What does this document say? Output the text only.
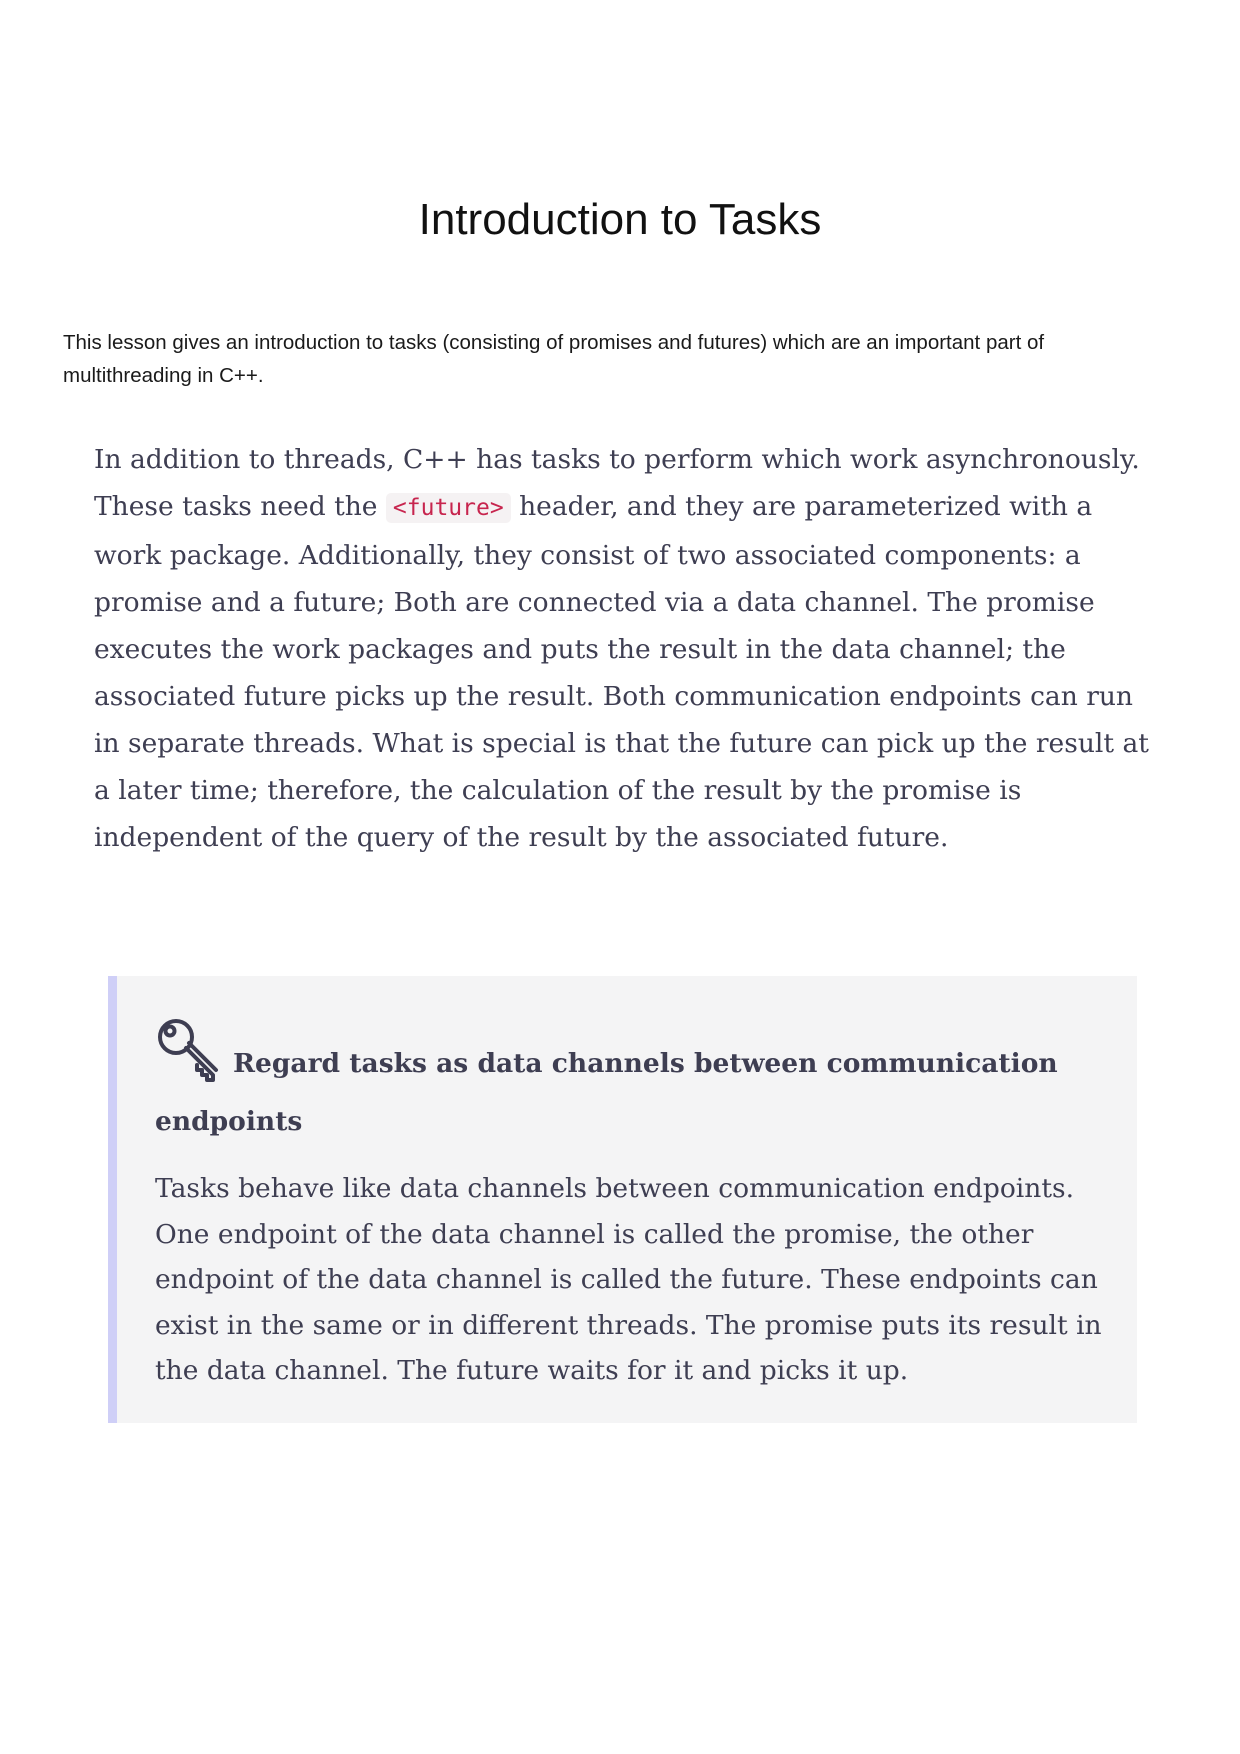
Introduction to Tasks

This lesson gives an introduction to tasks (consisting of promises and futures) which are an important part of multithreading in C++.

In addition to threads, C++ has tasks to perform which work asynchronously. These tasks need the <future> header, and they are parameterized with a work package. Additionally, they consist of two associated components: a promise and a future; Both are connected via a data channel. The promise executes the work packages and puts the result in the data channel; the associated future picks up the result. Both communication endpoints can run in separate threads. What is special is that the future can pick up the result at a later time; therefore, the calculation of the result by the promise is independent of the query of the result by the associated future.

Regard tasks as data channels between communication endpoints

Tasks behave like data channels between communication endpoints. One endpoint of the data channel is called the promise, the other endpoint of the data channel is called the future. These endpoints can exist in the same or in different threads. The promise puts its result in the data channel. The future waits for it and picks it up.
